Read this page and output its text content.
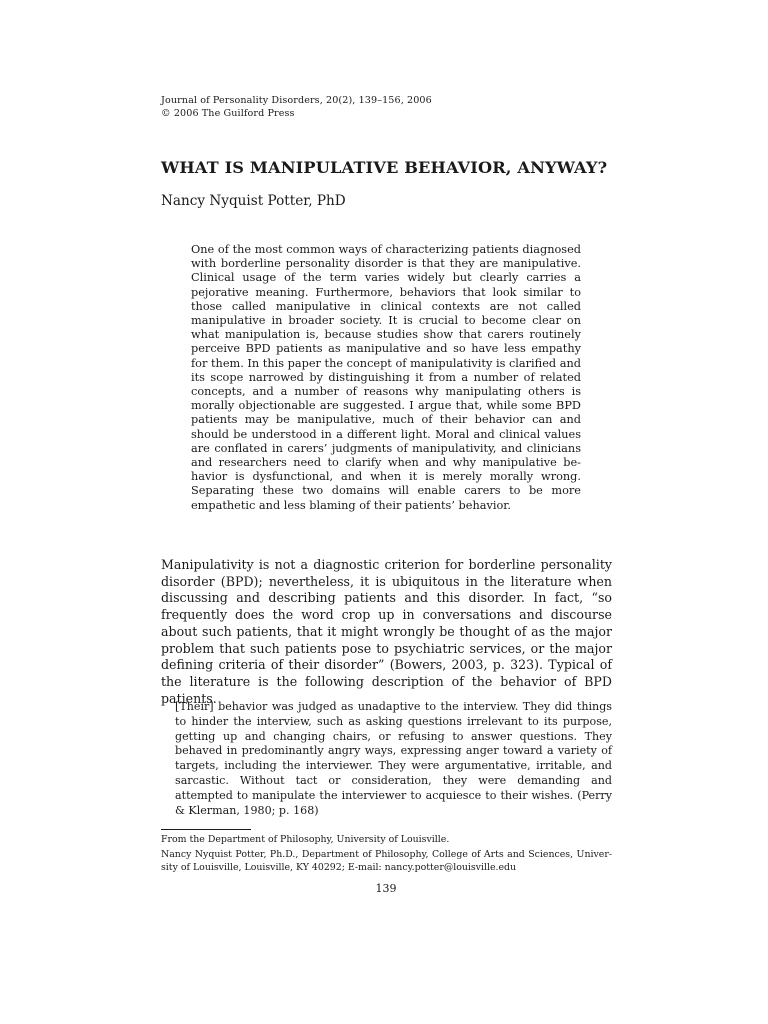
Journal of Personality Disorders, 20(2), 139–156, 2006
© 2006 The Guilford Press
WHAT IS MANIPULATIVE BEHAVIOR, ANYWAY?
Nancy Nyquist Potter, PhD
One of the most common ways of characterizing patients diagnosed with borderline personality disorder is that they are manipulative. Clinical usage of the term varies widely but clearly carries a pejorative meaning. Furthermore, behaviors that look similar to those called manipulative in clinical contexts are not called manipulative in broader society. It is crucial to become clear on what manipulation is, because studies show that carers routinely perceive BPD patients as manipulative and so have less empathy for them. In this paper the concept of manipulativity is clarified and its scope narrowed by distinguishing it from a number of related concepts, and a number of reasons why manipulating others is morally objectionable are suggested. I argue that, while some BPD patients may be manipulative, much of their behavior can and should be understood in a different light. Moral and clinical values are conflated in carers’ judgments of manipulativity, and clinicians and researchers need to clarify when and why manipulative behavior is dysfunctional, and when it is merely morally wrong. Separating these two domains will enable carers to be more empathetic and less blaming of their patients’ behavior.

Manipulativity is not a diagnostic criterion for borderline personality disorder (BPD); nevertheless, it is ubiquitous in the literature when discussing and describing patients and this disorder. In fact, “so frequently does the word crop up in conversations and discourse about such patients, that it might wrongly be thought of as the major problem that such patients pose to psychiatric services, or the major defining criteria of their disorder” (Bowers, 2003, p. 323). Typical of the literature is the following description of the behavior of BPD patients.

[Their] behavior was judged as unadaptive to the interview. They did things to hinder the interview, such as asking questions irrelevant to its purpose, getting up and changing chairs, or refusing to answer questions. They behaved in predominantly angry ways, expressing anger toward a variety of targets, including the interviewer. They were argumentative, irritable, and sarcastic. Without tact or consideration, they were demanding and attempted to manipulate the interviewer to acquiesce to their wishes. (Perry & Klerman, 1980; p. 168)

From the Department of Philosophy, University of Louisville.

Nancy Nyquist Potter, Ph.D., Department of Philosophy, College of Arts and Sciences, University of Louisville, Louisville, KY 40292; E-mail: nancy.potter@louisville.edu

139
